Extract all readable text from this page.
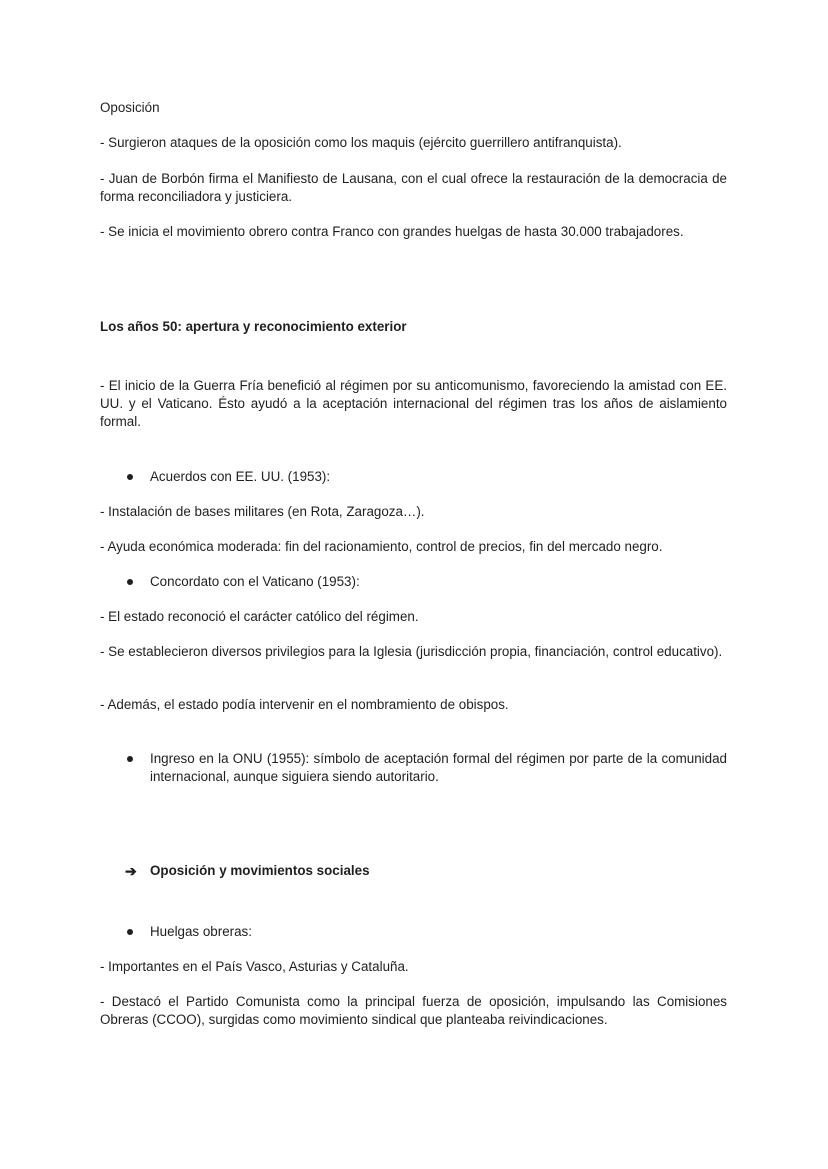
Oposición

- Surgieron ataques de la oposición como los maquis (ejército guerrillero antifranquista).

- Juan de Borbón firma el Manifiesto de Lausana, con el cual ofrece la restauración de la democracia de forma reconciliadora y justiciera.

- Se inicia el movimiento obrero contra Franco con grandes huelgas de hasta 30.000 trabajadores.

Los años 50: apertura y reconocimiento exterior

- El inicio de la Guerra Fría benefició al régimen por su anticomunismo, favoreciendo la amistad con EE. UU. y el Vaticano. Ésto ayudó a la aceptación internacional del régimen tras los años de aislamiento formal.

Acuerdos con EE. UU. (1953):

- Instalación de bases militares (en Rota, Zaragoza…).

- Ayuda económica moderada: fin del racionamiento, control de precios, fin del mercado negro.

Concordato con el Vaticano (1953):

- El estado reconoció el carácter católico del régimen.

- Se establecieron diversos privilegios para la Iglesia (jurisdicción propia, financiación, control educativo).

- Además, el estado podía intervenir en el nombramiento de obispos.

Ingreso en la ONU (1955): símbolo de aceptación formal del régimen por parte de la comunidad internacional, aunque siguiera siendo autoritario.

➔ Oposición y movimientos sociales

Huelgas obreras:

- Importantes en el País Vasco, Asturias y Cataluña.

- Destacó el Partido Comunista como la principal fuerza de oposición, impulsando las Comisiones Obreras (CCOO), surgidas como movimiento sindical que planteaba reivindicaciones.
